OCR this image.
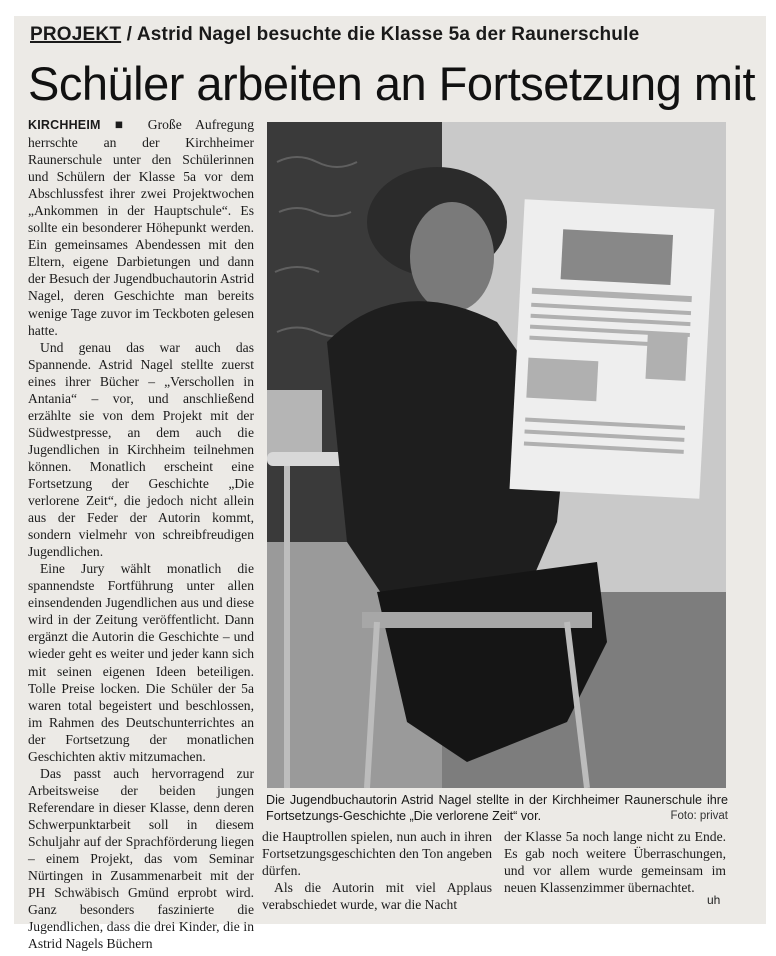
PROJEKT / Astrid Nagel besuchte die Klasse 5a der Raunerschule
Schüler arbeiten an Fortsetzung mit

KIRCHHEIM ■ Große Aufregung herrschte an der Kirchheimer Raunerschule unter den Schülerinnen und Schülern der Klasse 5a vor dem Abschlussfest ihrer zwei Projektwochen „Ankommen in der Hauptschule“. Es sollte ein besonderer Höhepunkt werden. Ein gemeinsames Abendessen mit den Eltern, eigene Darbietungen und dann der Besuch der Jugendbuchautorin Astrid Nagel, deren Geschichte man bereits wenige Tage zuvor im Teckboten gelesen hatte.

Und genau das war auch das Spannende. Astrid Nagel stellte zuerst eines ihrer Bücher – „Verschollen in Antania“ – vor, und anschließend erzählte sie von dem Projekt mit der Südwestpresse, an dem auch die Jugendlichen in Kirchheim teilnehmen können. Monatlich erscheint eine Fortsetzung der Geschichte „Die verlorene Zeit“, die jedoch nicht allein aus der Feder der Autorin kommt, sondern vielmehr von schreibfreudigen Jugendlichen.

Eine Jury wählt monatlich die spannendste Fortführung unter allen einsendenden Jugendlichen aus und diese wird in der Zeitung veröffentlicht. Dann ergänzt die Autorin die Geschichte – und wieder geht es weiter und jeder kann sich mit seinen eigenen Ideen beteiligen. Tolle Preise locken. Die Schüler der 5a waren total begeistert und beschlossen, im Rahmen des Deutschunterrichtes an der Fortsetzung der monatlichen Geschichten aktiv mitzumachen.

Das passt auch hervorragend zur Arbeitsweise der beiden jungen Referendare in dieser Klasse, denn deren Schwerpunktarbeit soll in diesem Schuljahr auf der Sprachförderung liegen – einem Projekt, das vom Seminar Nürtingen in Zusammenarbeit mit der PH Schwäbisch Gmünd erprobt wird. Ganz besonders faszinierte die Jugendlichen, dass die drei Kinder, die in Astrid Nagels Büchern

Die Jugendbuchautorin Astrid Nagel stellte in der Kirchheimer Raunerschule ihre Fortsetzungs-Geschichte „Die verlorene Zeit“ vor.	Foto: privat

die Hauptrollen spielen, nun auch in ihren Fortsetzungsgeschichten den Ton angeben dürfen.

Als die Autorin mit viel Applaus verabschiedet wurde, war die Nacht

der Klasse 5a noch lange nicht zu Ende. Es gab noch weitere Überraschungen, und vor allem wurde gemeinsam im neuen Klassenzimmer übernachtet.

uh
